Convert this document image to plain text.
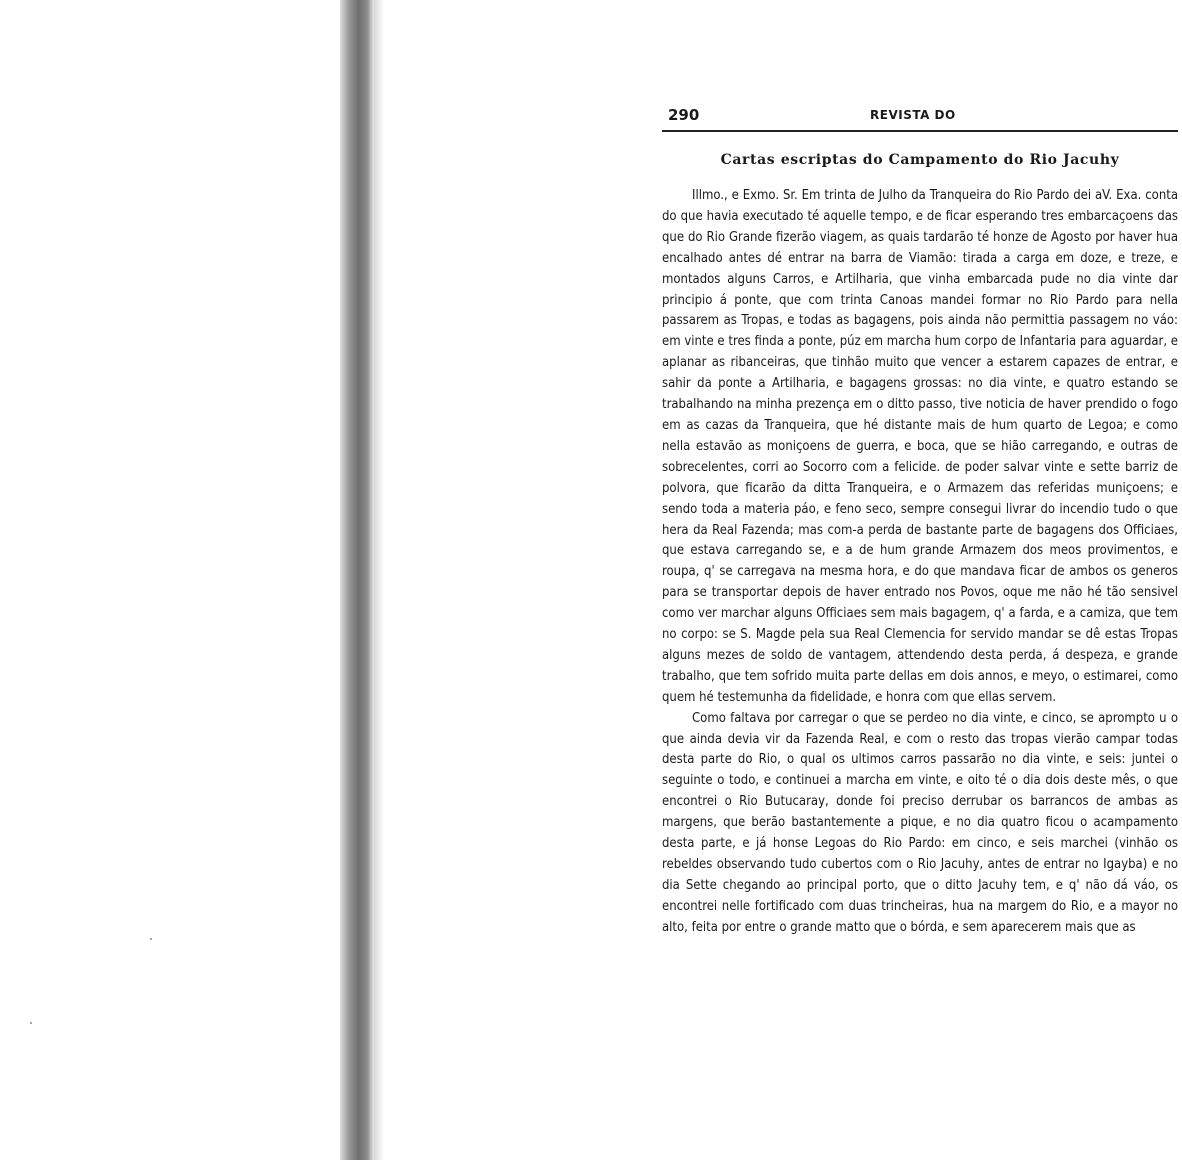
290	REVISTA DO
Cartas escriptas do Campamento do Rio Jacuhy

Illmo., e Exmo. Sr. Em trinta de Julho da Tranqueira do Rio Pardo dei aV. Exa. conta do que havia executado té aquelle tempo, e de ficar esperando tres embarcaçoens das que do Rio Grande fizerão viagem, as quais tardarão té honze de Agosto por haver hua encalhado antes dé entrar na barra de Viamão: tirada a carga em doze, e treze, e montados alguns Carros, e Artilharia, que vinha embarcada pude no dia vinte dar principio á ponte, que com trinta Canoas mandei formar no Rio Pardo para nella passarem as Tropas, e todas as bagagens, pois ainda não permittia passagem no váo: em vinte e tres finda a ponte, púz em marcha hum corpo de Infantaria para aguardar, e aplanar as ribanceiras, que tinhão muito que vencer a estarem capazes de entrar, e sahir da ponte a Artilharia, e bagagens grossas: no dia vinte, e quatro estando se trabalhando na minha prezença em o ditto passo, tive noticia de haver prendido o fogo em as cazas da Tranqueira, que hé distante mais de hum quarto de Legoa; e como nella estavão as moniçoens de guerra, e boca, que se hião carregando, e outras de sobrecelentes, corri ao Socorro com a felicide. de poder salvar vinte e sette barriz de polvora, que ficarão da ditta Tranqueira, e o Armazem das referidas muniçoens; e sendo toda a materia páo, e feno seco, sempre consegui livrar do incendio tudo o que hera da Real Fazenda; mas com-a perda de bastante parte de bagagens dos Officiaes, que estava carregando se, e a de hum grande Armazem dos meos provimentos, e roupa, q' se carregava na mesma hora, e do que mandava ficar de ambos os generos para se transportar depois de haver entrado nos Povos, oque me não hé tão sensivel como ver marchar alguns Officiaes sem mais bagagem, q' a farda, e a camiza, que tem no corpo: se S. Magde pela sua Real Clemencia for servido mandar se dê estas Tropas alguns mezes de soldo de vantagem, attendendo desta perda, á despeza, e grande trabalho, que tem sofrido muita parte dellas em dois annos, e meyo, o estimarei, como quem hé testemunha da fidelidade, e honra com que ellas servem.

Como faltava por carregar o que se perdeo no dia vinte, e cinco, se aprompto u o que ainda devia vir da Fazenda Real, e com o resto das tropas vierão campar todas desta parte do Rio, o qual os ultimos carros passarão no dia vinte, e seis: juntei o seguinte o todo, e continuei a marcha em vinte, e oito té o dia dois deste mês, o que encontrei o Rio Butucaray, donde foi preciso derrubar os barrancos de ambas as margens, que berão bastantemente a pique, e no dia quatro ficou o acampamento desta parte, e já honse Legoas do Rio Pardo: em cinco, e seis marchei (vinhão os rebeldes observando tudo cubertos com o Rio Jacuhy, antes de entrar no Igayba) e no dia Sette chegando ao principal porto, que o ditto Jacuhy tem, e q' não dá váo, os encontrei nelle fortificado com duas trincheiras, hua na margem do Rio, e a mayor no alto, feita por entre o grande matto que o bórda, e sem aparecerem mais que as
